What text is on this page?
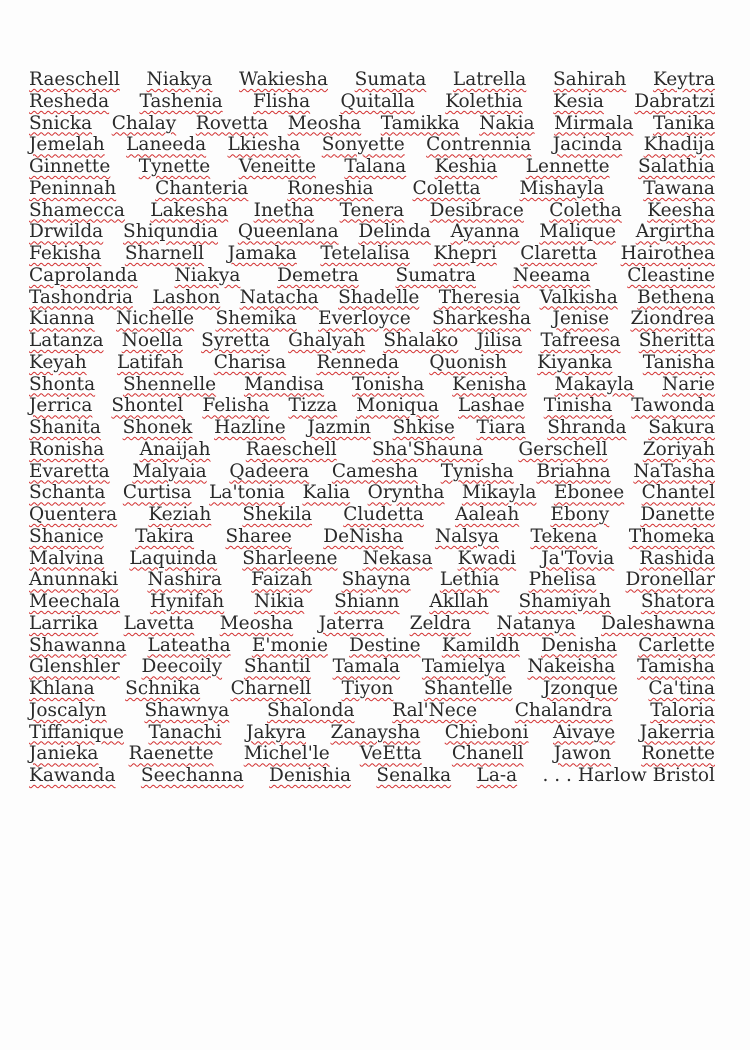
Raeschell Niakya Wakiesha Sumata Latrella Sahirah Keytra
Resheda Tashenia Flisha Quitalla Kolethia Kesia Dabratzi
Snicka Chalay Rovetta Meosha Tamikka Nakia Mirmala Tanika
Jemelah Laneeda Lkiesha Sonyette Contrennia Jacinda Khadija
Ginnette Tynette Veneitte Talana Keshia Lennette Salathia
Peninnah Chanteria Roneshia Coletta Mishayla Tawana
Shamecca Lakesha Inetha Tenera Desibrace Coletha Keesha
Drwilda Shiqundia Queenlana Delinda Ayanna Malique Argirtha
Fekisha Sharnell Jamaka Tetelalisa Khepri Claretta Hairothea
Caprolanda Niakya Demetra Sumatra Neeama Cleastine
Tashondria Lashon Natacha Shadelle Theresia Valkisha Bethena
Kianna Nichelle Shemika Everloyce Sharkesha Jenise Ziondrea
Latanza Noella Syretta Ghalyah Shalako Jilisa Tafreesa Sheritta
Keyah Latifah Charisa Renneda Quonish Kiyanka Tanisha
Shonta Shennelle Mandisa Tonisha Kenisha Makayla Narie
Jerrica Shontel Felisha Tizza Moniqua Lashae Tinisha Tawonda
Shanita Shonek Hazline Jazmin Shkise Tiara Shranda Sakura
Ronisha Anaijah Raeschell Sha'Shauna Gerschell Zoriyah
Evaretta Malyaia Qadeera Camesha Tynisha Briahna NaTasha
Schanta Curtisa La'tonia Kalia Oryntha Mikayla Ebonee Chantel
Quentera Keziah Shekila Cludetta Aaleah Ebony Danette
Shanice Takira Sharee DeNisha Nalsya Tekena Thomeka
Malvina Laquinda Sharleene Nekasa Kwadi Ja'Tovia Rashida
Anunnaki Nashira Faizah Shayna Lethia Phelisa Dronellar
Meechala Hynifah Nikia Shiann Akllah Shamiyah Shatora
Larrika Lavetta Meosha Jaterra Zeldra Natanya Daleshawna
Shawanna Lateatha E'monie Destine Kamildh Denisha Carlette
Glenshler Deecoily Shantil Tamala Tamielya Nakeisha Tamisha
Khlana Schnika Charnell Tiyon Shantelle Jzonque Ca'tina
Joscalyn Shawnya Shalonda Ral'Nece Chalandra Taloria
Tiffanique Tanachi Jakyra Zanaysha Chieboni Aivaye Jakerria
Janieka Raenette Michel'le VeEtta Chanell Jawon Ronette
Kawanda Seechanna Denishia Senalka La-a . . . Harlow Bristol
